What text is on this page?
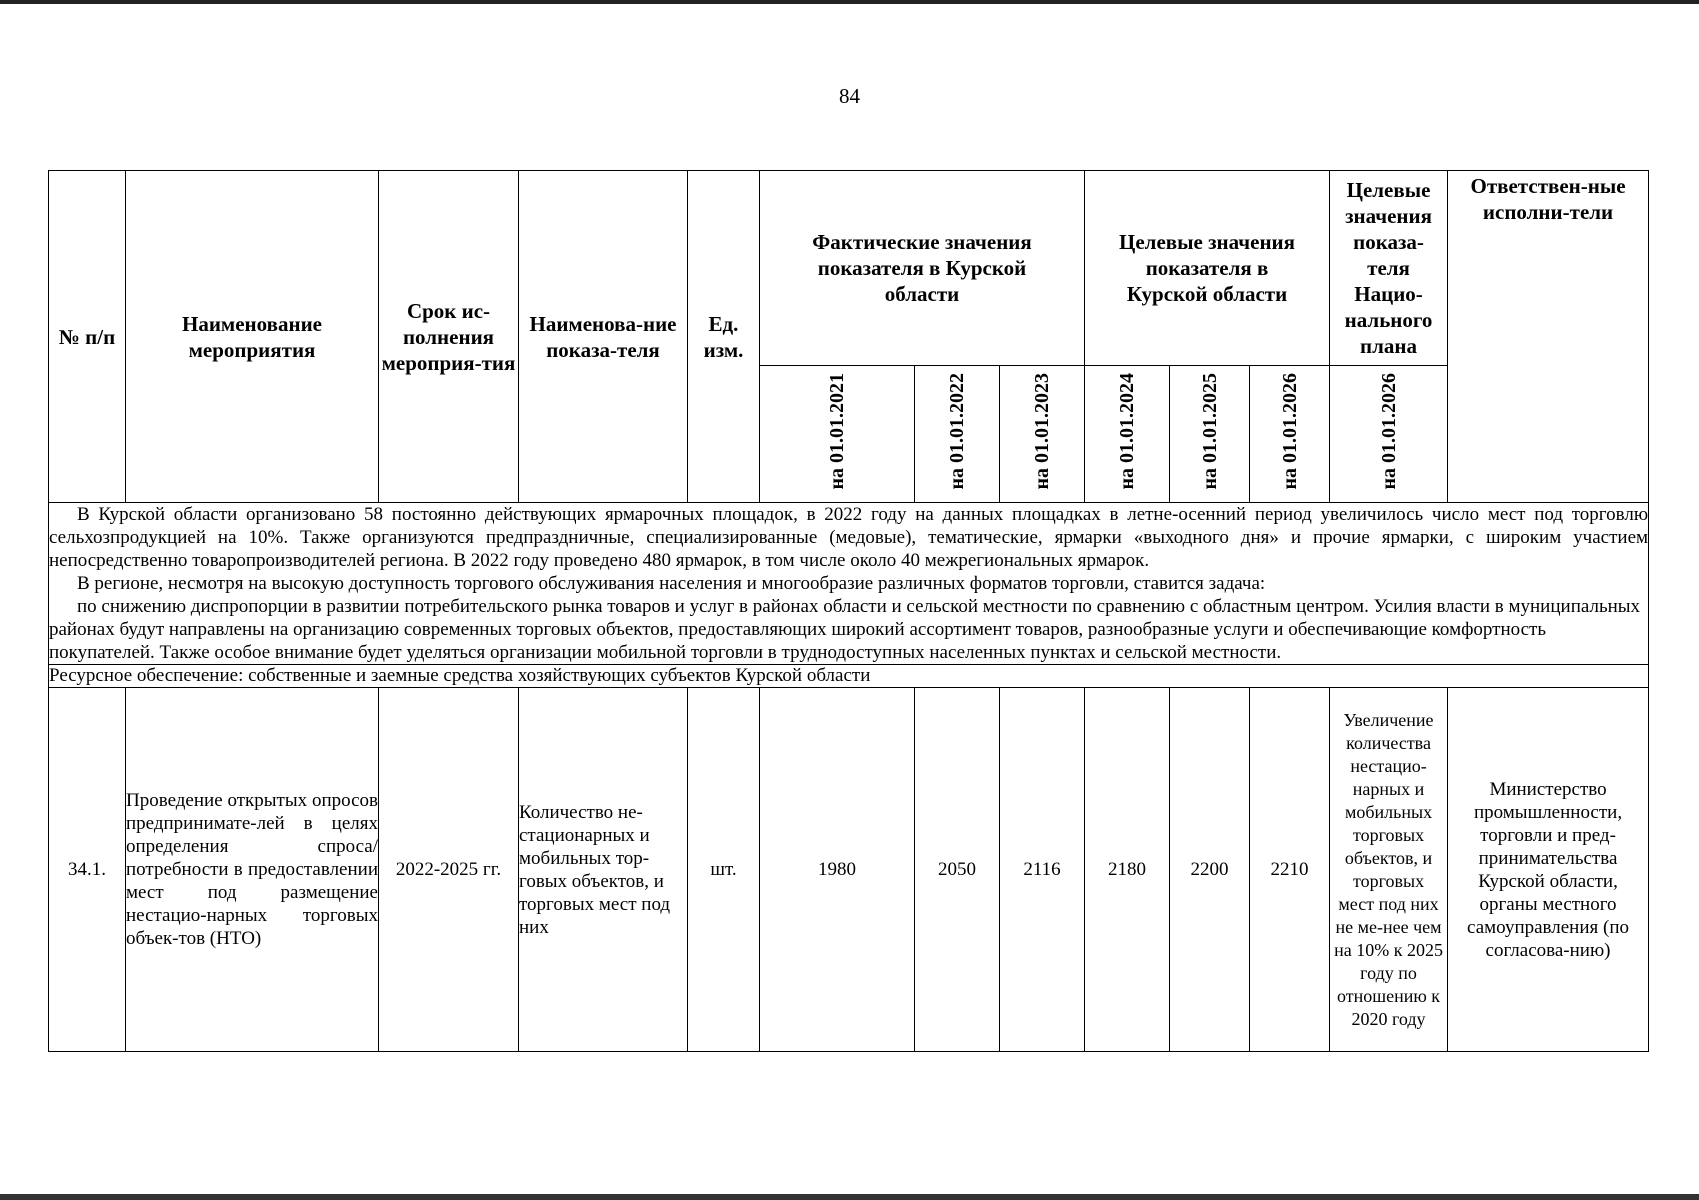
84
№ п/п	Наименование мероприятия	Срок ис-полнения мероприя-тия	Наименова-ние показа-теля	Ед. изм.	Фактические значения показателя в Курской области			Целевые значения показателя в Курской области			Целевые значения показа-теля Нацио-нального плана	Ответствен-ные исполни-тели
					на 01.01.2021	на 01.01.2022	на 01.01.2023	на 01.01.2024	на 01.01.2025	на 01.01.2026	на 01.01.2026	

В Курской области организовано 58 постоянно действующих ярмарочных площадок, в 2022 году на данных площадках в летне-осенний период увеличилось число мест под торговлю сельхозпродукцией на 10%. Также организуются предпраздничные, специализированные (медовые), тематические, ярмарки «выходного дня» и прочие ярмарки, с широким участием непосредственно товаропроизводителей региона. В 2022 году проведено 480 ярмарок, в том числе около 40 межрегиональных ярмарок.

В регионе, несмотря на высокую доступность торгового обслуживания населения и многообразие различных форматов торговли, ставится задача:

по снижению диспропорции в развитии потребительского рынка товаров и услуг в районах области и сельской местности по сравнению с областным центром. Усилия власти в муниципальных районах будут направлены на организацию современных торговых объектов, предоставляющих широкий ассортимент товаров, разнообразные услуги и обеспечивающие комфортность покупателей. Также особое внимание будет уделяться организации мобильной торговли в труднодоступных населенных пунктах и сельской местности.												

Ресурсное обеспечение: собственные и заемные средства хозяйствующих субъектов Курской области												
34.1.	Проведение открытых опросов предпринимате-лей в целях определения спроса/потребности в предоставлении мест под размещение нестацио-нарных торговых объек-тов (НТО)	2022-2025 гг.	Количество не-стационарных и мобильных тор-говых объектов, и торговых мест под них	шт.	1980	2050	2116	2180	2200	2210	Увеличение количества нестацио-нарных и мобильных торговых объектов, и торговых мест под них не ме-нее чем на 10% к 2025 году по отношению к 2020 году	Министерство промышленности, торговли и пред-принимательства Курской области, органы местного самоуправления (по согласова-нию)
